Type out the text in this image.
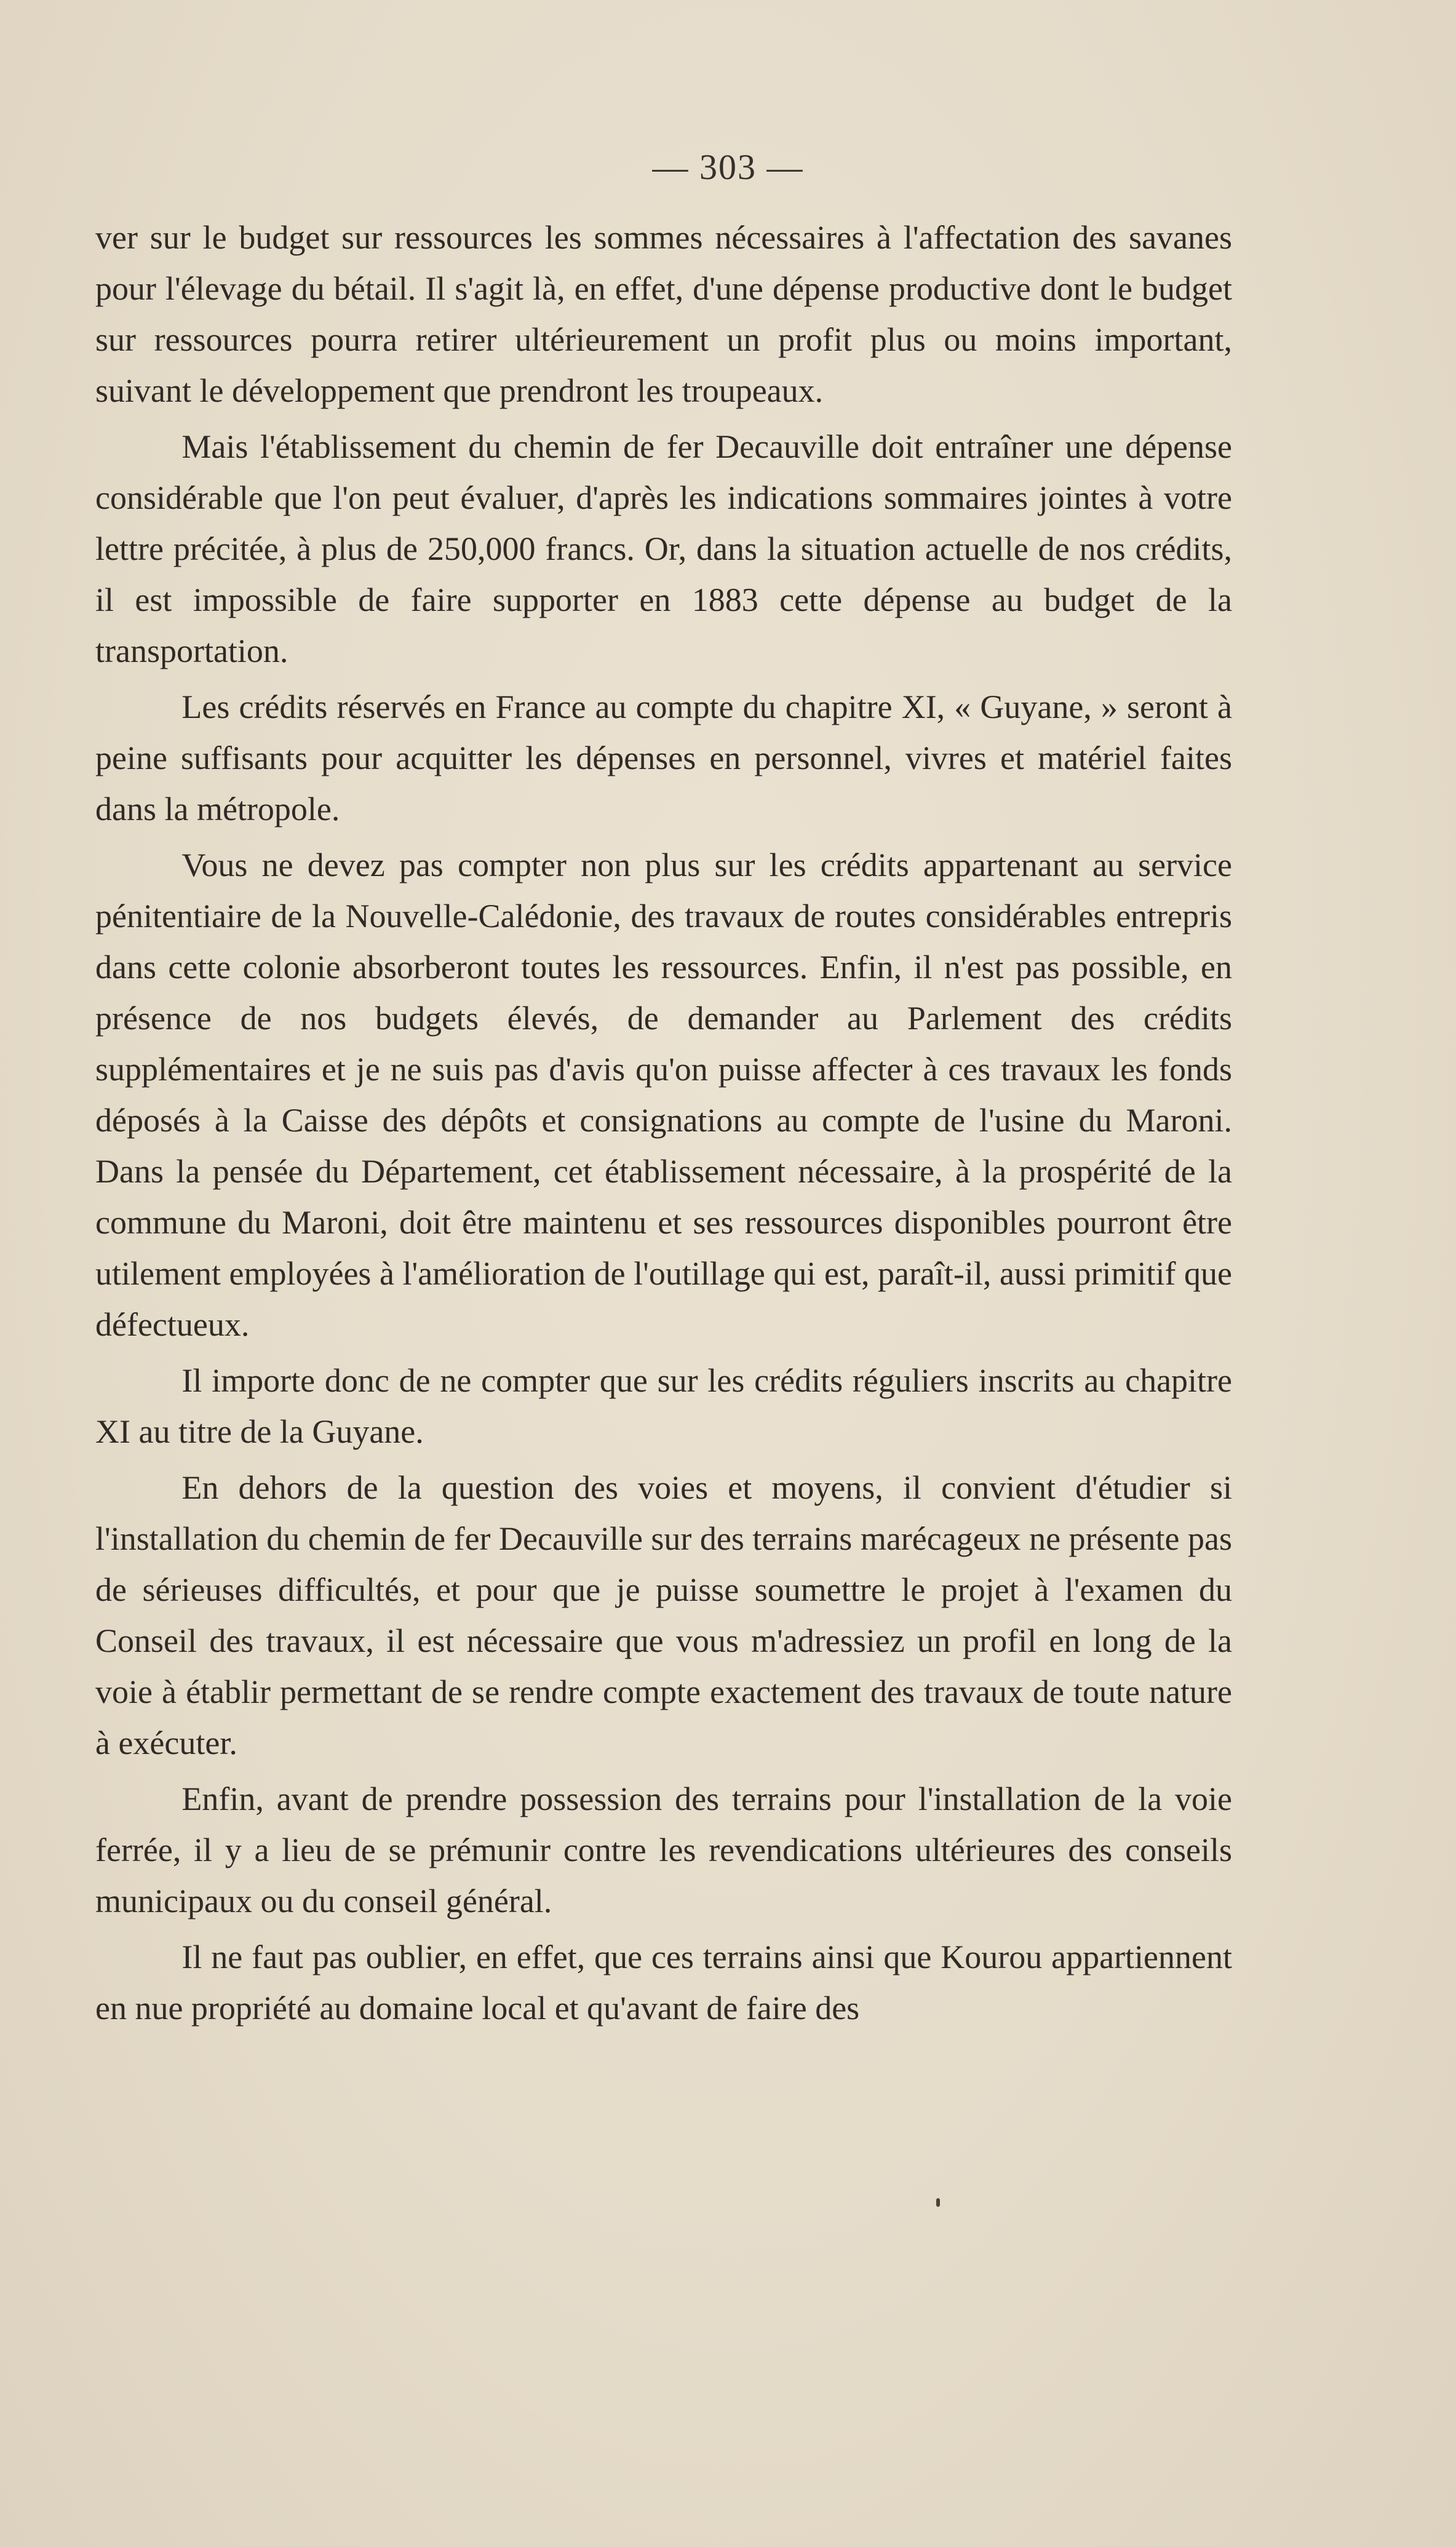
— 303 —

ver sur le budget sur ressources les sommes nécessaires à l'affectation des savanes pour l'élevage du bétail. Il s'agit là, en effet, d'une dépense productive dont le budget sur ressources pourra retirer ultérieurement un profit plus ou moins important, suivant le développement que prendront les troupeaux.

Mais l'établissement du chemin de fer Decauville doit entraîner une dépense considérable que l'on peut évaluer, d'après les indications sommaires jointes à votre lettre précitée, à plus de 250,000 francs. Or, dans la situation actuelle de nos crédits, il est impossible de faire supporter en 1883 cette dépense au budget de la transportation.

Les crédits réservés en France au compte du chapitre XI, « Guyane, » seront à peine suffisants pour acquitter les dépenses en personnel, vivres et matériel faites dans la métropole.

Vous ne devez pas compter non plus sur les crédits appartenant au service pénitentiaire de la Nouvelle-Calédonie, des travaux de routes considérables entrepris dans cette colonie absorberont toutes les ressources. Enfin, il n'est pas possible, en présence de nos budgets élevés, de demander au Parlement des crédits supplémentaires et je ne suis pas d'avis qu'on puisse affecter à ces travaux les fonds déposés à la Caisse des dépôts et consignations au compte de l'usine du Maroni. Dans la pensée du Département, cet établissement nécessaire, à la prospérité de la commune du Maroni, doit être maintenu et ses ressources disponibles pourront être utilement employées à l'amélioration de l'outillage qui est, paraît-il, aussi primitif que défectueux.

Il importe donc de ne compter que sur les crédits réguliers inscrits au chapitre XI au titre de la Guyane.

En dehors de la question des voies et moyens, il convient d'étudier si l'installation du chemin de fer Decauville sur des terrains marécageux ne présente pas de sérieuses difficultés, et pour que je puisse soumettre le projet à l'examen du Conseil des travaux, il est nécessaire que vous m'adressiez un profil en long de la voie à établir permettant de se rendre compte exactement des travaux de toute nature à exécuter.

Enfin, avant de prendre possession des terrains pour l'installation de la voie ferrée, il y a lieu de se prémunir contre les revendications ultérieures des conseils municipaux ou du conseil général.

Il ne faut pas oublier, en effet, que ces terrains ainsi que Kourou appartiennent en nue propriété au domaine local et qu'avant de faire des
